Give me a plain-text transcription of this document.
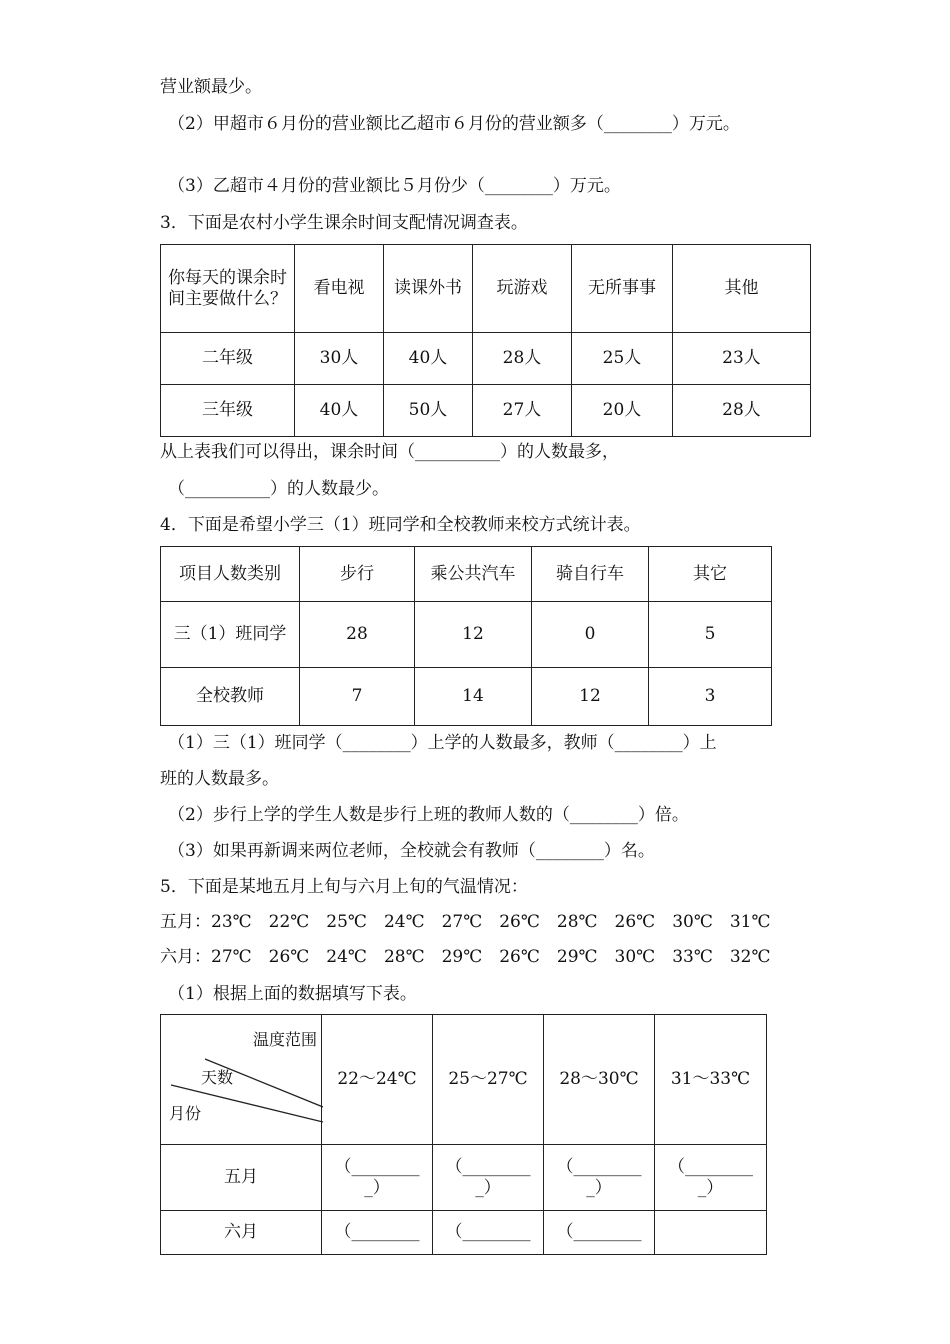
营业额最少。
（2）甲超市６月份的营业额比乙超市６月份的营业额多（________）万元。
（3）乙超市４月份的营业额比５月份少（________）万元。
3．下面是农村小学生课余时间支配情况调查表。
你每天的课余时间主要做什么？	看电视	读课外书	玩游戏	无所事事	其他
二年级	30人	40人	28人	25人	23人
三年级	40人	50人	27人	20人	28人
从上表我们可以得出，课余时间（__________）的人数最多，
（__________）的人数最少。
4．下面是希望小学三（1）班同学和全校教师来校方式统计表。
项目人数类别	步行	乘公共汽车	骑自行车	其它
三（1）班同学	28	12	0	5
全校教师	7	14	12	3
（1）三（1）班同学（________）上学的人数最多，教师（________）上
班的人数最多。
（2）步行上学的学生人数是步行上班的教师人数的（________）倍。
（3）如果再新调来两位老师，全校就会有教师（________）名。
5．下面是某地五月上旬与六月上旬的气温情况：
五月：23℃　22℃　25℃　24℃　27℃　26℃　28℃　26℃　30℃　31℃
六月：27℃　26℃　24℃　28℃　29℃　26℃　29℃　30℃　33℃　32℃
（1）根据上面的数据填写下表。
温度范围
天数
月份	22～24℃	25～27℃	28～30℃	31～33℃
五月	（________ _）	（________ _）	（________ _）	（________ _）
六月	（________	（________	（________	
